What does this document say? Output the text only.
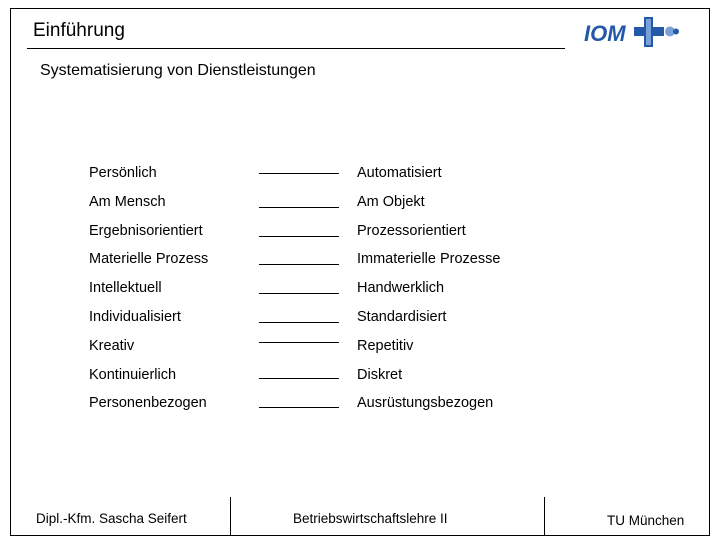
Einführung	IOM
Systematisierung von Dienstleistungen
Persönlich	Automatisiert
Am Mensch	Am Objekt
Ergebnisorientiert	Prozessorientiert
Materielle Prozess	Immaterielle Prozesse
Intellektuell	Handwerklich
Individualisiert	Standardisiert
Kreativ	Repetitiv
Kontinuierlich	Diskret
Personenbezogen	Ausrüstungsbezogen
Dipl.-Kfm. Sascha Seifert	Betriebswirtschaftslehre II	TU München
